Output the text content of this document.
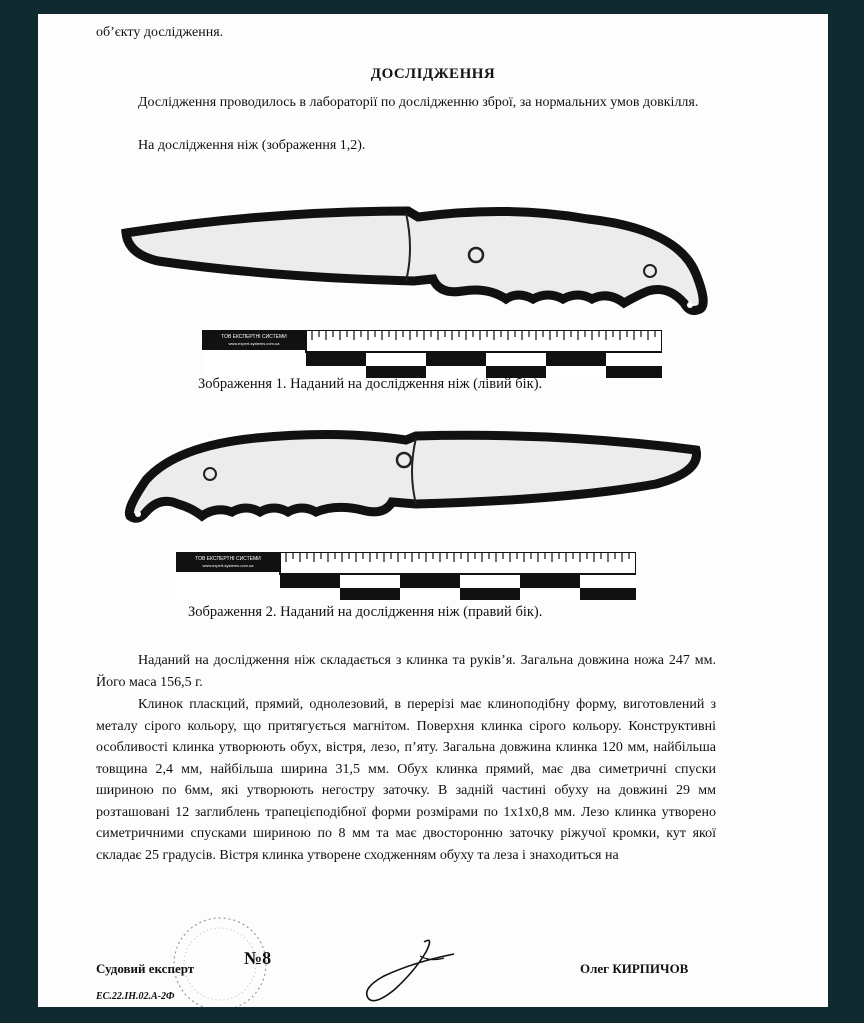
об’єкту дослідження.

ДОСЛІДЖЕННЯ

Дослідження проводилось в лабораторії по дослідженню зброї, за нормальних умов довкілля.

На дослідження ніж (зображення 1,2).

ТОВ ЕКСПЕРТНІ СИСТЕМИ
www.expert-systems.com.ua
Зображення 1. Наданий на дослідження ніж (лівий бік).
ТОВ ЕКСПЕРТНІ СИСТЕМИ
www.expert-systems.com.ua
Зображення 2. Наданий на дослідження ніж (правий бік).

Наданий на дослідження ніж складається з клинка та руків’я. Загальна довжина ножа 247 мм. Його маса 156,5 г.

Клинок пласкций, прямий, однолезовий, в перерізі має клиноподібну форму, виготовлений з металу сірого кольору, що притягується магнітом. Поверхня клинка сірого кольору. Конструктивні особливості клинка утворюють обух, вістря, лезо, п’яту. Загальна довжина клинка 120 мм, найбільша товщина 2,4 мм, найбільша ширина 31,5 мм. Обух клинка прямий, має два симетричні спуски шириною по 6мм, які утворюють негостру заточку. В задній частині обуху на довжині 29 мм розташовані 12 заглиблень трапецієподібної форми розмірами по 1х1х0,8 мм. Лезо клинка утворено симетричними спусками шириною по 8 мм та має двосторонню заточку ріжучої кромки, кут якої складає 25 градусів. Вістря клинка утворене сходженням обуху та леза і знаходиться на

Судовий експерт
№8
Олег КИРПИЧОВ
ЕС.22.ІН.02.А-2Ф
